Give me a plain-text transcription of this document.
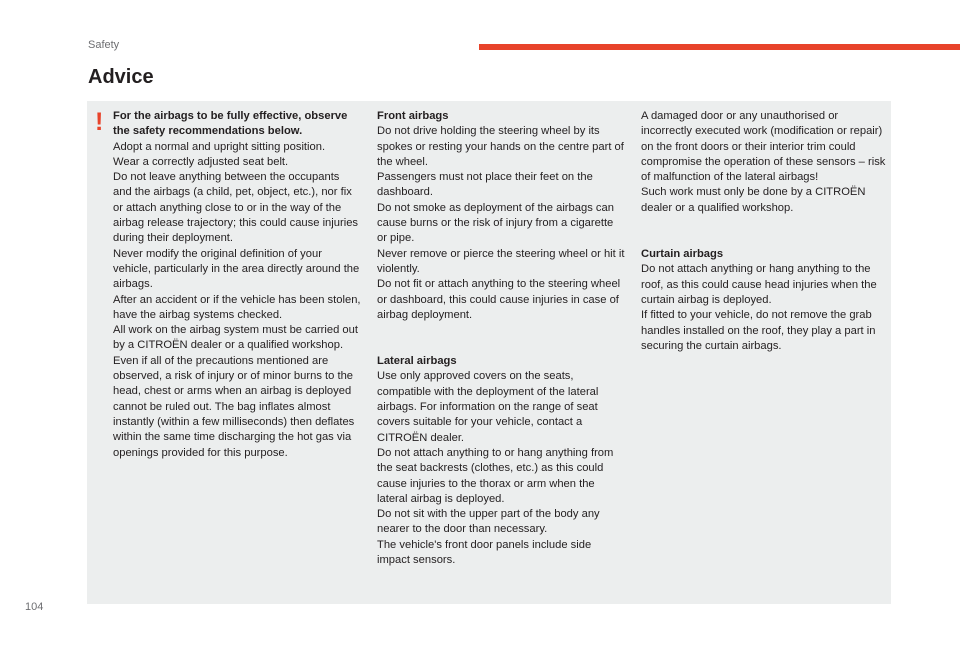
Safety
Advice
! For the airbags to be fully effective, observe the safety recommendations below.

Adopt a normal and upright sitting position.

Wear a correctly adjusted seat belt.

Do not leave anything between the occupants and the airbags (a child, pet, object, etc.), nor fix or attach anything close to or in the way of the airbag release trajectory; this could cause injuries during their deployment.

Never modify the original definition of your vehicle, particularly in the area directly around the airbags.

After an accident or if the vehicle has been stolen, have the airbag systems checked.

All work on the airbag system must be carried out by a CITROËN dealer or a qualified workshop.

Even if all of the precautions mentioned are observed, a risk of injury or of minor burns to the head, chest or arms when an airbag is deployed cannot be ruled out. The bag inflates almost instantly (within a few milliseconds) then deflates within the same time discharging the hot gas via openings provided for this purpose.

Front airbags

Do not drive holding the steering wheel by its spokes or resting your hands on the centre part of the wheel.

Passengers must not place their feet on the dashboard.

Do not smoke as deployment of the airbags can cause burns or the risk of injury from a cigarette or pipe.

Never remove or pierce the steering wheel or hit it violently.

Do not fit or attach anything to the steering wheel or dashboard, this could cause injuries in case of airbag deployment.

Lateral airbags

Use only approved covers on the seats, compatible with the deployment of the lateral airbags. For information on the range of seat covers suitable for your vehicle, contact a CITROËN dealer.

Do not attach anything to or hang anything from the seat backrests (clothes, etc.) as this could cause injuries to the thorax or arm when the lateral airbag is deployed.

Do not sit with the upper part of the body any nearer to the door than necessary.

The vehicle's front door panels include side impact sensors.

A damaged door or any unauthorised or incorrectly executed work (modification or repair) on the front doors or their interior trim could compromise the operation of these sensors – risk of malfunction of the lateral airbags!

Such work must only be done by a CITROËN dealer or a qualified workshop.

Curtain airbags

Do not attach anything or hang anything to the roof, as this could cause head injuries when the curtain airbag is deployed.

If fitted to your vehicle, do not remove the grab handles installed on the roof, they play a part in securing the curtain airbags.

104
